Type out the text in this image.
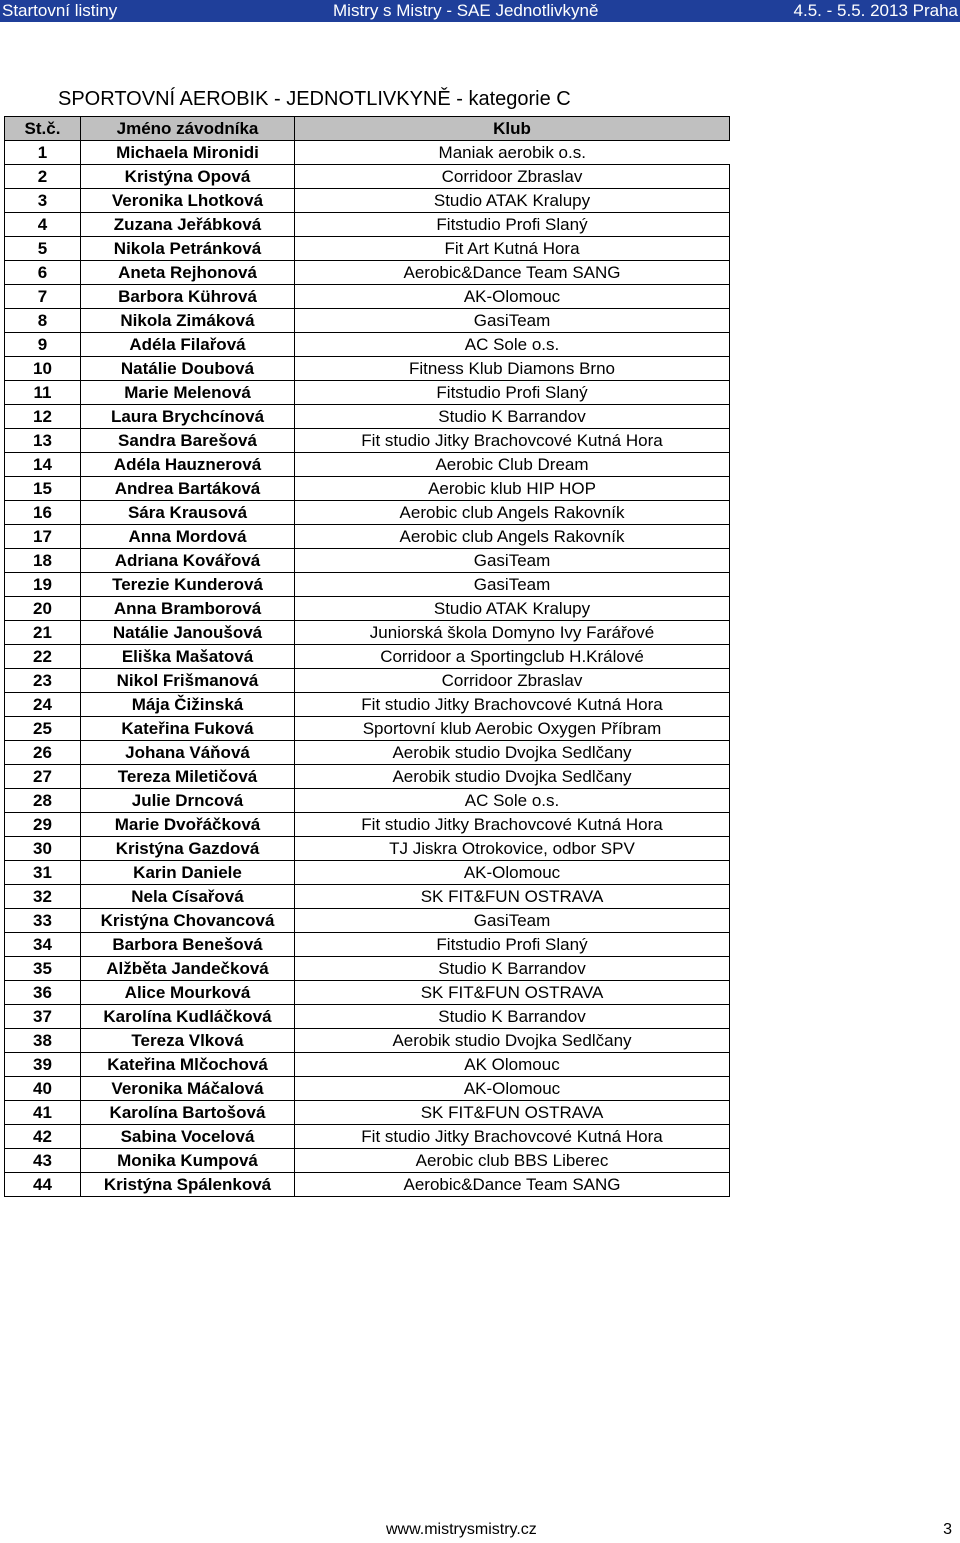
Startovní listiny	Mistry s Mistry - SAE Jednotlivkyně	4.5. - 5.5. 2013 Praha
SPORTOVNÍ AEROBIK - JEDNOTLIVKYNĚ - kategorie C
St.č.	Jméno závodníka	Klub
1	Michaela Mironidi	Maniak aerobik o.s.
2	Kristýna Opová	Corridoor Zbraslav
3	Veronika Lhotková	Studio ATAK Kralupy
4	Zuzana Jeřábková	Fitstudio Profi Slaný
5	Nikola Petránková	Fit Art Kutná Hora
6	Aneta Rejhonová	Aerobic&Dance Team SANG
7	Barbora Kührová	AK-Olomouc
8	Nikola Zimáková	GasiTeam
9	Adéla Filařová	AC Sole o.s.
10	Natálie Doubová	Fitness Klub Diamons Brno
11	Marie Melenová	Fitstudio Profi Slaný
12	Laura Brychcínová	Studio K Barrandov
13	Sandra Barešová	Fit studio Jitky Brachovcové Kutná Hora
14	Adéla Hauznerová	Aerobic Club Dream
15	Andrea Bartáková	Aerobic klub HIP HOP
16	Sára Krausová	Aerobic club Angels Rakovník
17	Anna Mordová	Aerobic club Angels Rakovník
18	Adriana Kovářová	GasiTeam
19	Terezie Kunderová	GasiTeam
20	Anna Bramborová	Studio ATAK Kralupy
21	Natálie Janoušová	Juniorská škola Domyno Ivy Farářové
22	Eliška Mašatová	Corridoor a Sportingclub H.Králové
23	Nikol Frišmanová	Corridoor Zbraslav
24	Mája Čižinská	Fit studio Jitky Brachovcové Kutná Hora
25	Kateřina Fuková	Sportovní klub Aerobic Oxygen Příbram
26	Johana Váňová	Aerobik studio Dvojka Sedlčany
27	Tereza Miletičová	Aerobik studio Dvojka Sedlčany
28	Julie Drncová	AC Sole o.s.
29	Marie Dvořáčková	Fit studio Jitky Brachovcové Kutná Hora
30	Kristýna Gazdová	TJ Jiskra Otrokovice, odbor SPV
31	Karin Daniele	AK-Olomouc
32	Nela Císařová	SK FIT&FUN OSTRAVA
33	Kristýna Chovancová	GasiTeam
34	Barbora Benešová	Fitstudio Profi Slaný
35	Alžběta Jandečková	Studio K Barrandov
36	Alice Mourková	SK FIT&FUN OSTRAVA
37	Karolína Kudláčková	Studio K Barrandov
38	Tereza Vlková	Aerobik studio Dvojka Sedlčany
39	Kateřina Mlčochová	AK Olomouc
40	Veronika Máčalová	AK-Olomouc
41	Karolína Bartošová	SK FIT&FUN OSTRAVA
42	Sabina Vocelová	Fit studio Jitky Brachovcové Kutná Hora
43	Monika Kumpová	Aerobic club BBS Liberec
44	Kristýna Spálenková	Aerobic&Dance Team SANG
www.mistrysmistry.cz	3
